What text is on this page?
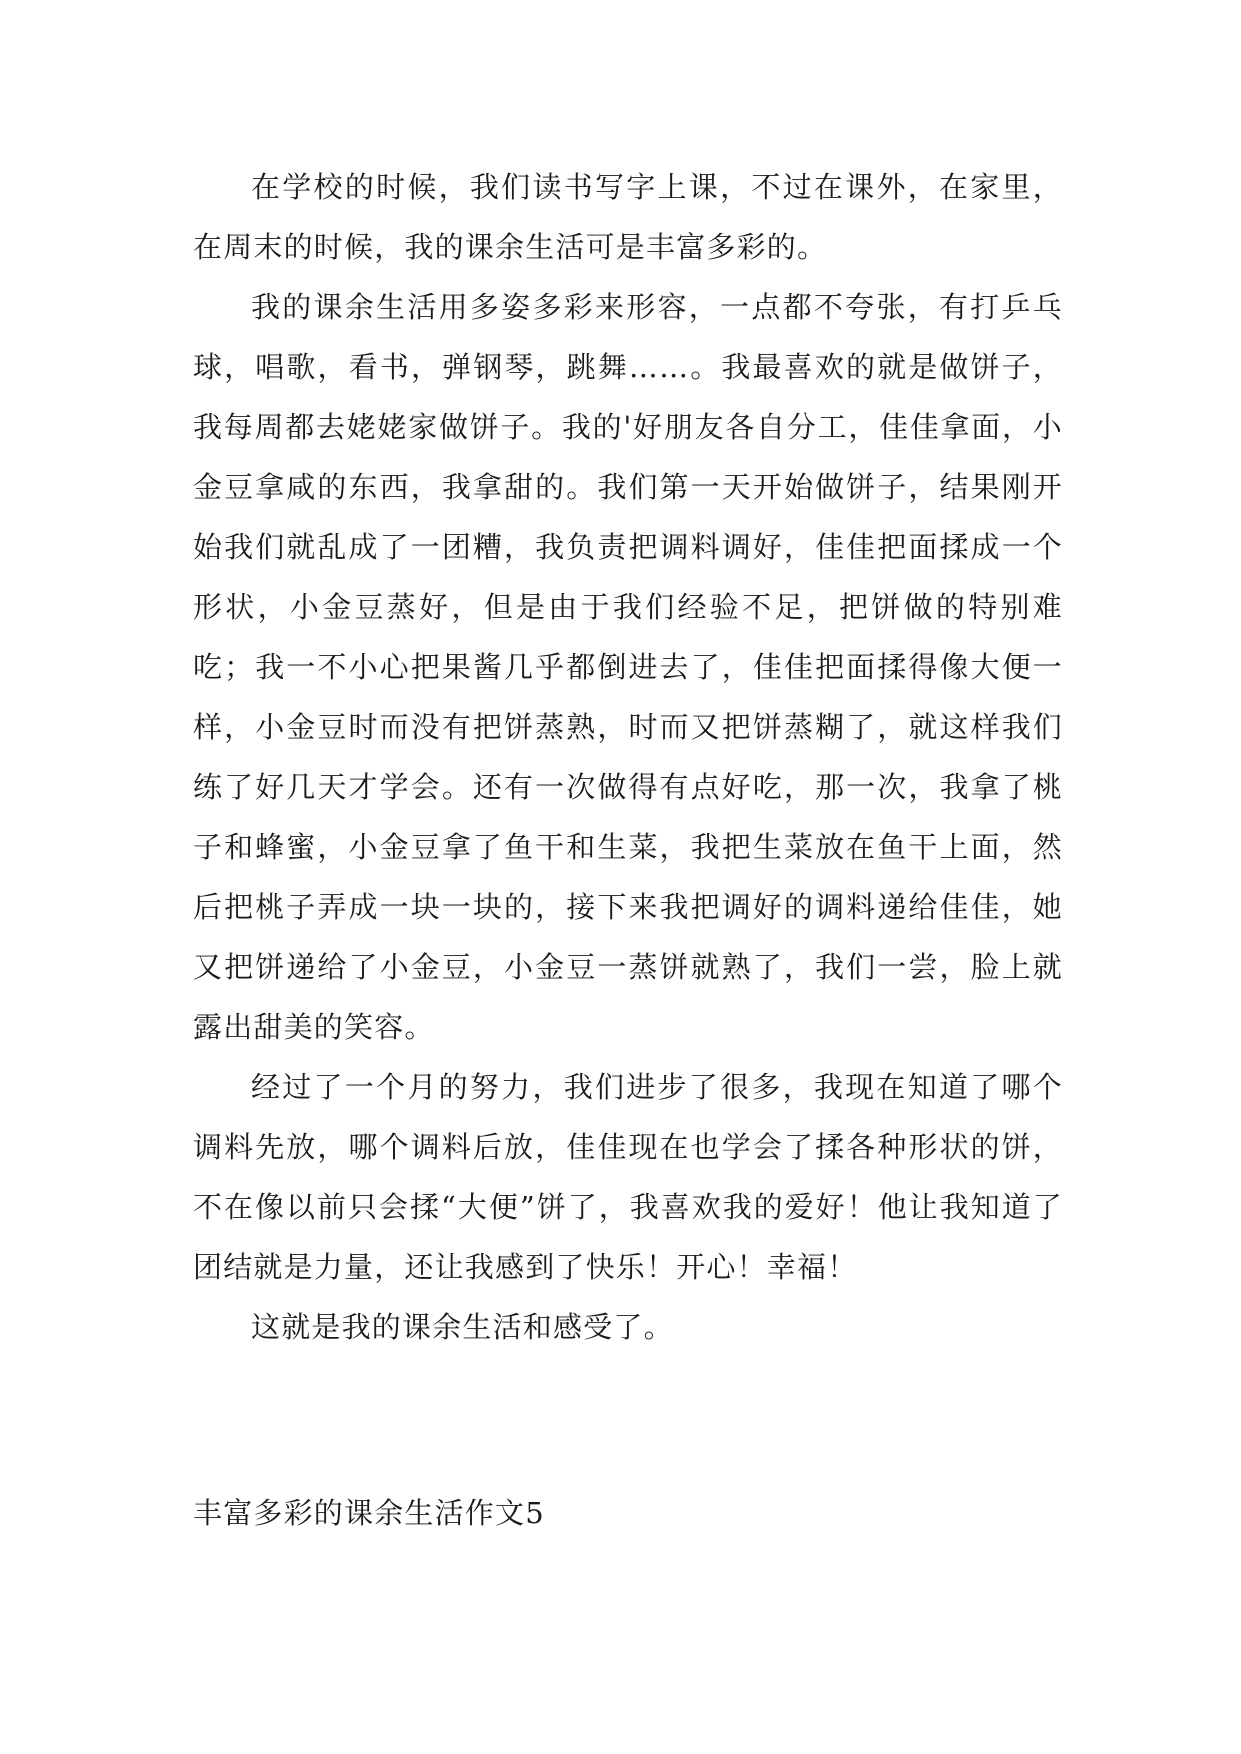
在学校的时候，我们读书写字上课，不过在课外，在家里，在周末的时候，我的课余生活可是丰富多彩的。

我的课余生活用多姿多彩来形容，一点都不夸张，有打乒乓球，唱歌，看书，弹钢琴，跳舞……。我最喜欢的就是做饼子，我每周都去姥姥家做饼子。我的'好朋友各自分工，佳佳拿面，小金豆拿咸的东西，我拿甜的。我们第一天开始做饼子，结果刚开始我们就乱成了一团糟，我负责把调料调好，佳佳把面揉成一个形状，小金豆蒸好，但是由于我们经验不足，把饼做的特别难吃；我一不小心把果酱几乎都倒进去了，佳佳把面揉得像大便一样，小金豆时而没有把饼蒸熟，时而又把饼蒸糊了，就这样我们练了好几天才学会。还有一次做得有点好吃，那一次，我拿了桃子和蜂蜜，小金豆拿了鱼干和生菜，我把生菜放在鱼干上面，然后把桃子弄成一块一块的，接下来我把调好的调料递给佳佳，她又把饼递给了小金豆，小金豆一蒸饼就熟了，我们一尝，脸上就露出甜美的笑容。

经过了一个月的努力，我们进步了很多，我现在知道了哪个调料先放，哪个调料后放，佳佳现在也学会了揉各种形状的饼，不在像以前只会揉“大便”饼了，我喜欢我的爱好！他让我知道了团结就是力量，还让我感到了快乐！开心！幸福！

这就是我的课余生活和感受了。

丰富多彩的课余生活作文5
